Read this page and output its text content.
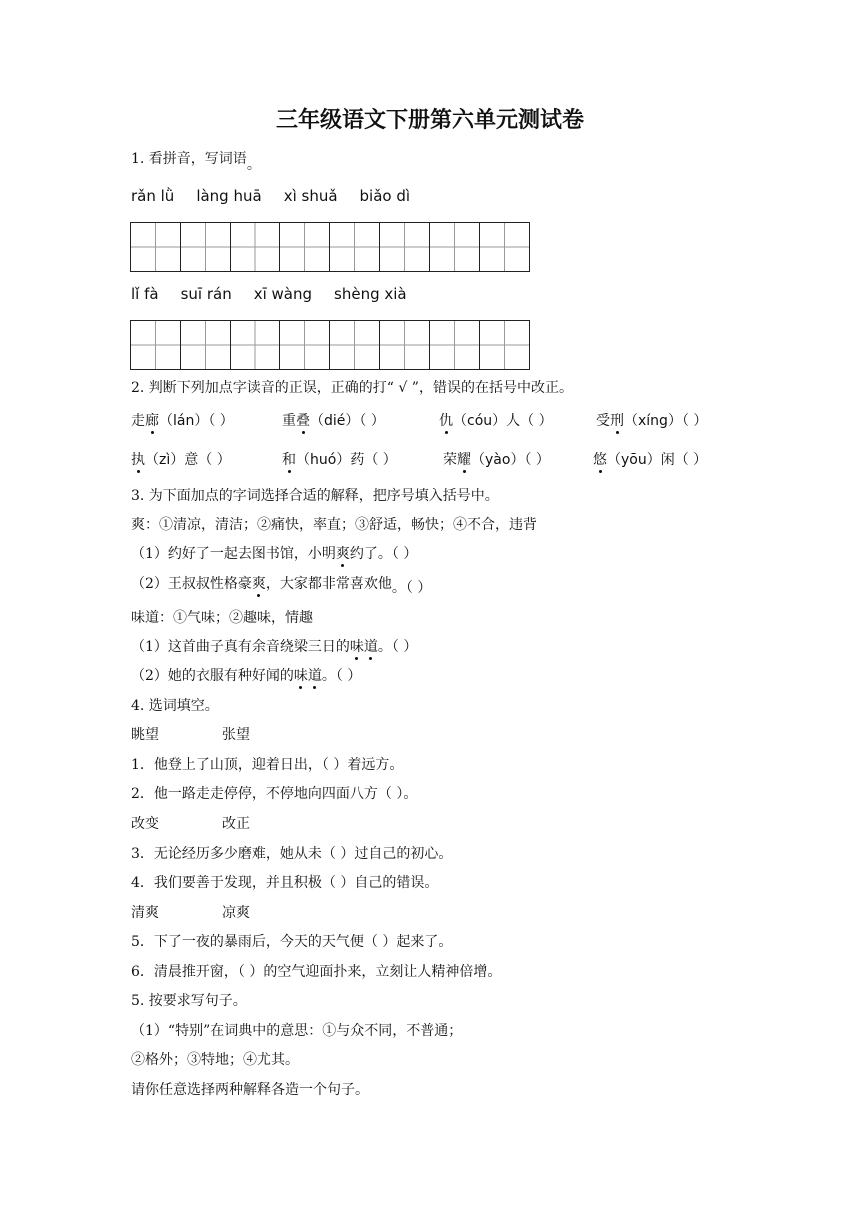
三年级语文下册第六单元测试卷
1. 看拼音，写词语。
rǎn lǜ làng huā xì shuǎ biǎo dì
lǐ fà suī rán xī wàng shèng xià
2. 判断下列加点字读音的正误，正确的打“ √ ”，错误的在括号中改正。
走廊（lán）（ ）	重叠（dié）（ ）	仇（cóu）人（ ）	受刑（xíng）（ ）
执（zì）意（ ）	和（huó）药（ ）	荣耀（yào）（ ）	悠（yōu）闲（ ）
3. 为下面加点的字词选择合适的解释，把序号填入括号中。
爽：①清凉，清洁；②痛快，率直；③舒适，畅快；④不合，违背
（1）约好了一起去图书馆，小明爽约了。（ ）
（2）王叔叔性格豪爽，大家都非常喜欢他。（ ）
味道：①气味；②趣味，情趣
（1）这首曲子真有余音绕梁三日的味道。（ ）
（2）她的衣服有种好闻的味道。（ ）
4. 选词填空。
眺望	张望
1．他登上了山顶，迎着日出，（ ）着远方。
2．他一路走走停停，不停地向四面八方（ ）。
改变	改正
3．无论经历多少磨难，她从未（ ）过自己的初心。
4．我们要善于发现，并且积极（ ）自己的错误。
清爽	凉爽
5．下了一夜的暴雨后，今天的天气便（ ）起来了。
6．清晨推开窗，（ ）的空气迎面扑来，立刻让人精神倍增。
5. 按要求写句子。
（1）“特别”在词典中的意思：①与众不同，不普通；
②格外；③特地；④尤其。
请你任意选择两种解释各造一个句子。
